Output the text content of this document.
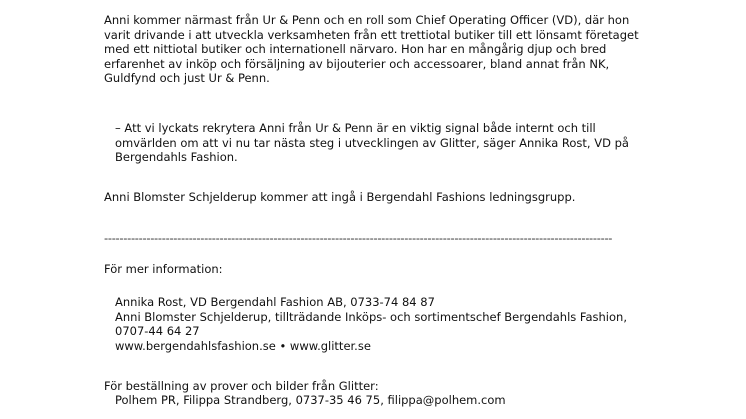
Anni kommer närmast från Ur & Penn och en roll som Chief Operating Officer (VD), där hon
varit drivande i att utveckla verksamheten från ett trettiotal butiker till ett lönsamt företaget
med ett nittiotal butiker och internationell närvaro. Hon har en mångårig djup och bred
erfarenhet av inköp och försäljning av bijouterier och accessoarer, bland annat från NK,
Guldfynd och just Ur & Penn.

– Att vi lyckats rekrytera Anni från Ur & Penn är en viktig signal både internt och till
omvärlden om att vi nu tar nästa steg i utvecklingen av Glitter, säger Annika Rost, VD på
Bergendahls Fashion.

Anni Blomster Schjelderup kommer att ingå i Bergendahl Fashions ledningsgrupp.

------------------------------------------------------------------------------------------------------------------------------------

För mer information:

Annika Rost, VD Bergendahl Fashion AB, 0733-74 84 87
Anni Blomster Schjelderup, tillträdande Inköps- och sortimentschef Bergendahls Fashion,
0707-44 64 27
www.bergendahlsfashion.se • www.glitter.se

För beställning av prover och bilder från Glitter:

Polhem PR, Filippa Strandberg, 0737-35 46 75, filippa@polhem.com
